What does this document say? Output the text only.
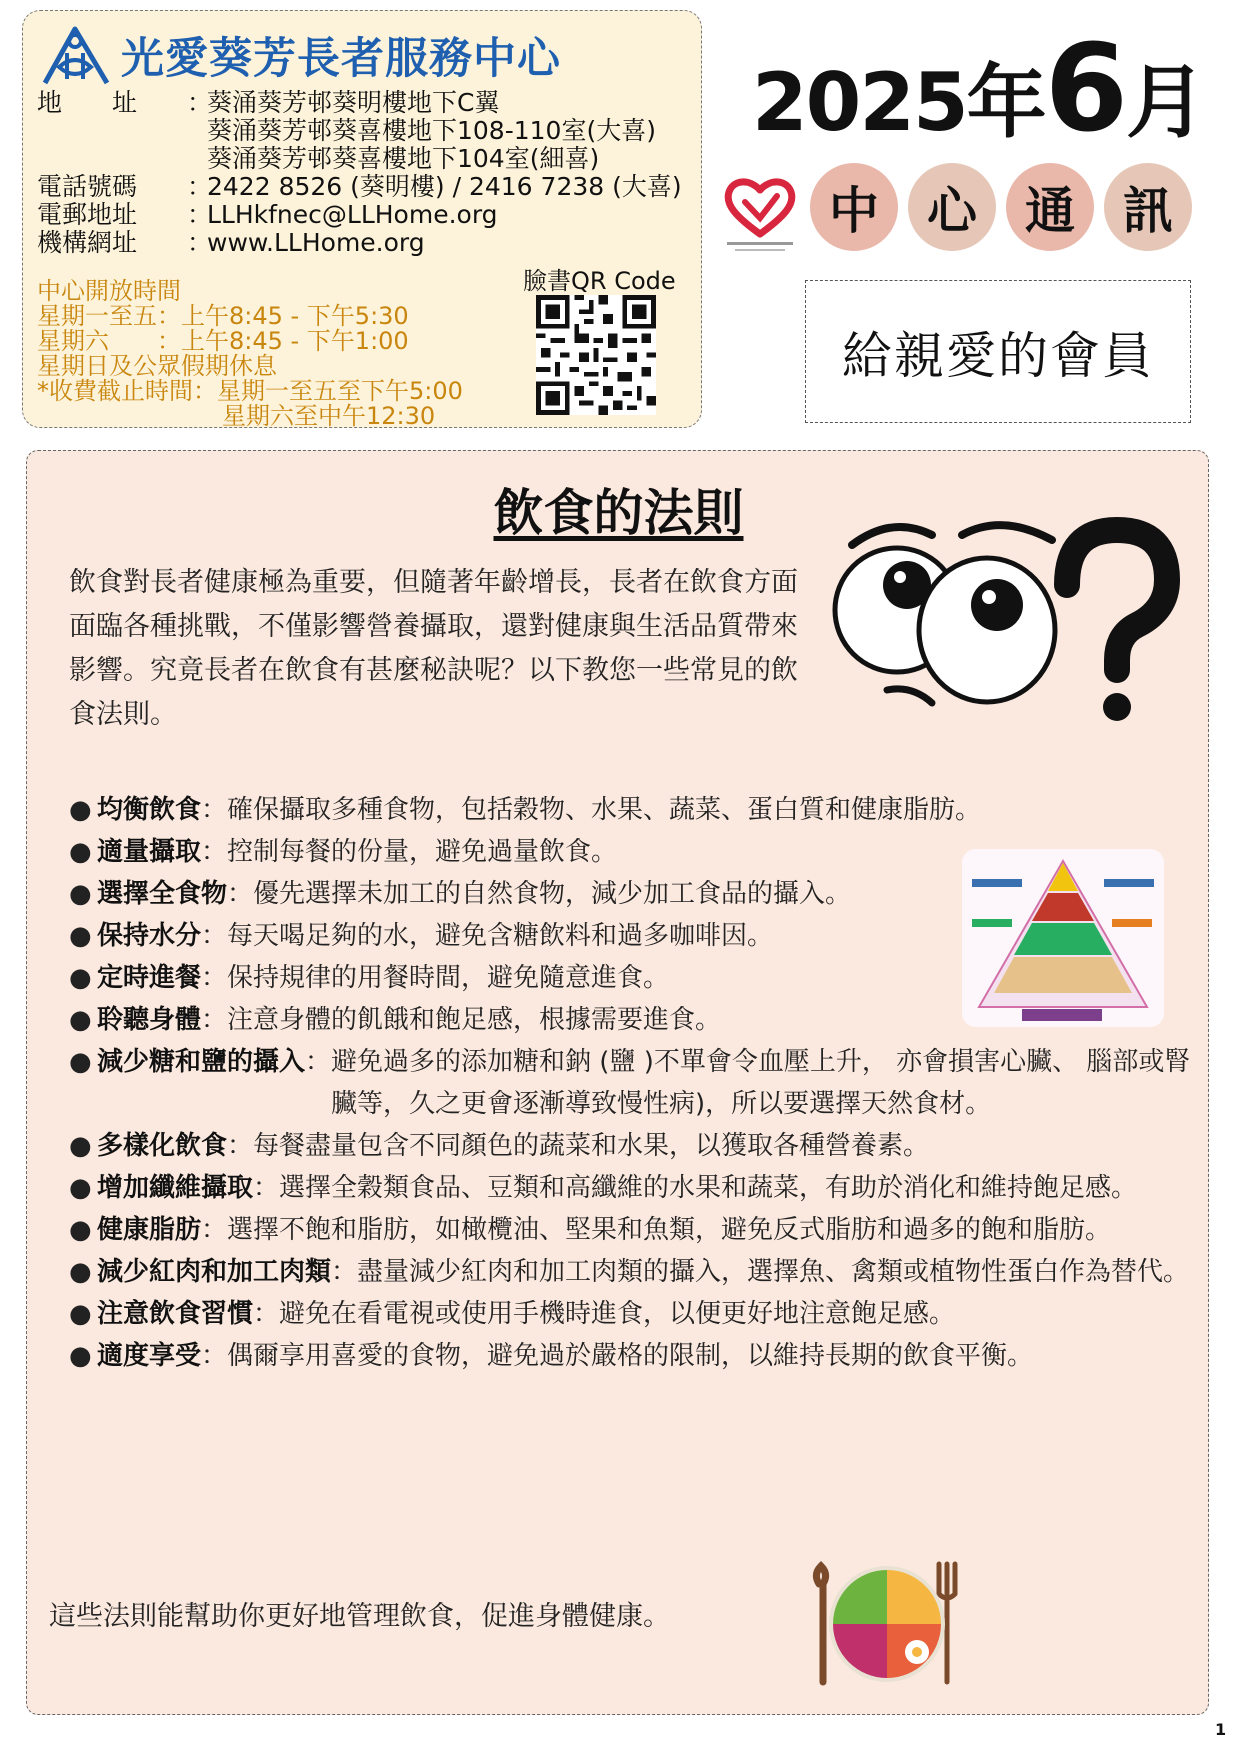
光愛葵芳長者服務中心
地　　址	：
葵涌葵芳邨葵明樓地下C翼
葵涌葵芳邨葵喜樓地下108-110室(大喜)
葵涌葵芳邨葵喜樓地下104室(細喜)
電話號碼	：
2422 8526 (葵明樓) / 2416 7238 (大喜)
電郵地址	：
LLHkfnec@LLHome.org
機構網址	：
www.LLHome.org
中心開放時間
星期一至五 ：上午8:45 - 下午5:30
星期六　　 ：上午8:45 - 下午1:00
星期日及公眾假期休息
*收費截止時間 ：星期一至五至下午5:00
星期六至中午12:30
臉書QR Code
2025年6月
中 心 通 訊
給親愛的會員
飲食的法則
飲食對長者健康極為重要，但隨著年齡增長，長者在飲食方面面臨各種挑戰，不僅影響營養攝取，還對健康與生活品質帶來影響。究竟長者在飲食有甚麼秘訣呢？以下教您一些常見的飲食法則。
● 均衡飲食 ： 確保攝取多種食物，包括穀物、水果、蔬菜、蛋白質和健康脂肪。
● 適量攝取 ： 控制每餐的份量，避免過量飲食。
● 選擇全食物 ： 優先選擇未加工的自然食物，減少加工食品的攝入。
● 保持水分 ： 每天喝足夠的水，避免含糖飲料和過多咖啡因。
● 定時進餐 ： 保持規律的用餐時間，避免隨意進食。
● 聆聽身體 ： 注意身體的飢餓和飽足感，根據需要進食。
● 減少糖和鹽的攝入 ： 避免過多的添加糖和鈉 (鹽 )不單會令血壓上升， 亦會損害心臟、 腦部或腎臟等，久之更會逐漸導致慢性病)，所以要選擇天然食材。
● 多樣化飲食 ： 每餐盡量包含不同顏色的蔬菜和水果，以獲取各種營養素。
● 增加纖維攝取 ： 選擇全穀類食品、豆類和高纖維的水果和蔬菜，有助於消化和維持飽足感。
● 健康脂肪 ： 選擇不飽和脂肪，如橄欖油、堅果和魚類，避免反式脂肪和過多的飽和脂肪。
● 減少紅肉和加工肉類 ： 盡量減少紅肉和加工肉類的攝入，選擇魚、禽類或植物性蛋白作為替代。
● 注意飲食習慣 ： 避免在看電視或使用手機時進食，以便更好地注意飽足感。
● 適度享受 ： 偶爾享用喜愛的食物，避免過於嚴格的限制，以維持長期的飲食平衡。
這些法則能幫助你更好地管理飲食，促進身體健康。
1
